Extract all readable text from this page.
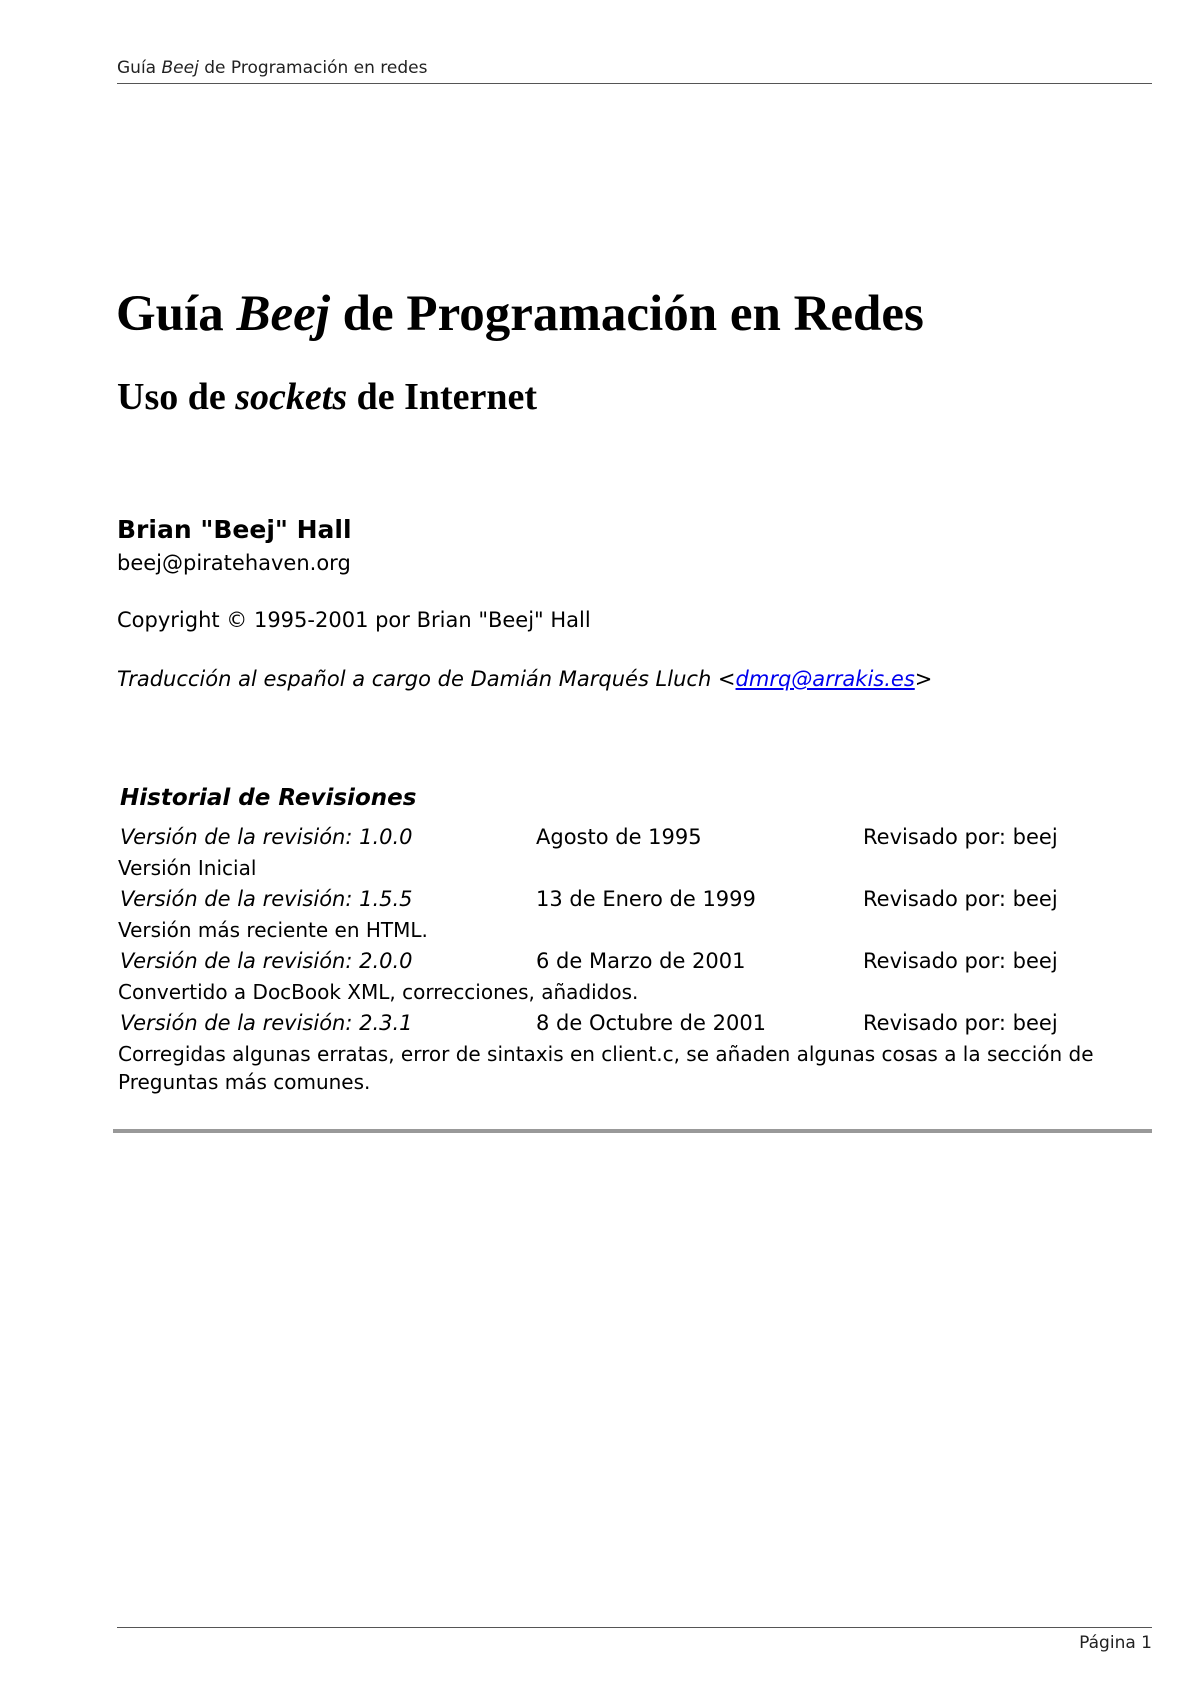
Guía Beej de Programación en redes
Guía Beej de Programación en Redes
Uso de sockets de Internet
Brian "Beej" Hall
beej@piratehaven.org
Copyright © 1995-2001 por Brian "Beej" Hall
Traducción al español a cargo de Damián Marqués Lluch <dmrq@arrakis.es>
Historial de Revisiones
Versión de la revisión: 1.0.0	Agosto de 1995	Revisado por: beej
Versión Inicial
Versión de la revisión: 1.5.5	13 de Enero de 1999	Revisado por: beej
Versión más reciente en HTML.
Versión de la revisión: 2.0.0	6 de Marzo de 2001	Revisado por: beej
Convertido a DocBook XML, correcciones, añadidos.
Versión de la revisión: 2.3.1	8 de Octubre de 2001	Revisado por: beej
Corregidas algunas erratas, error de sintaxis en client.c, se añaden algunas cosas a la sección de Preguntas más comunes.
Página 1
